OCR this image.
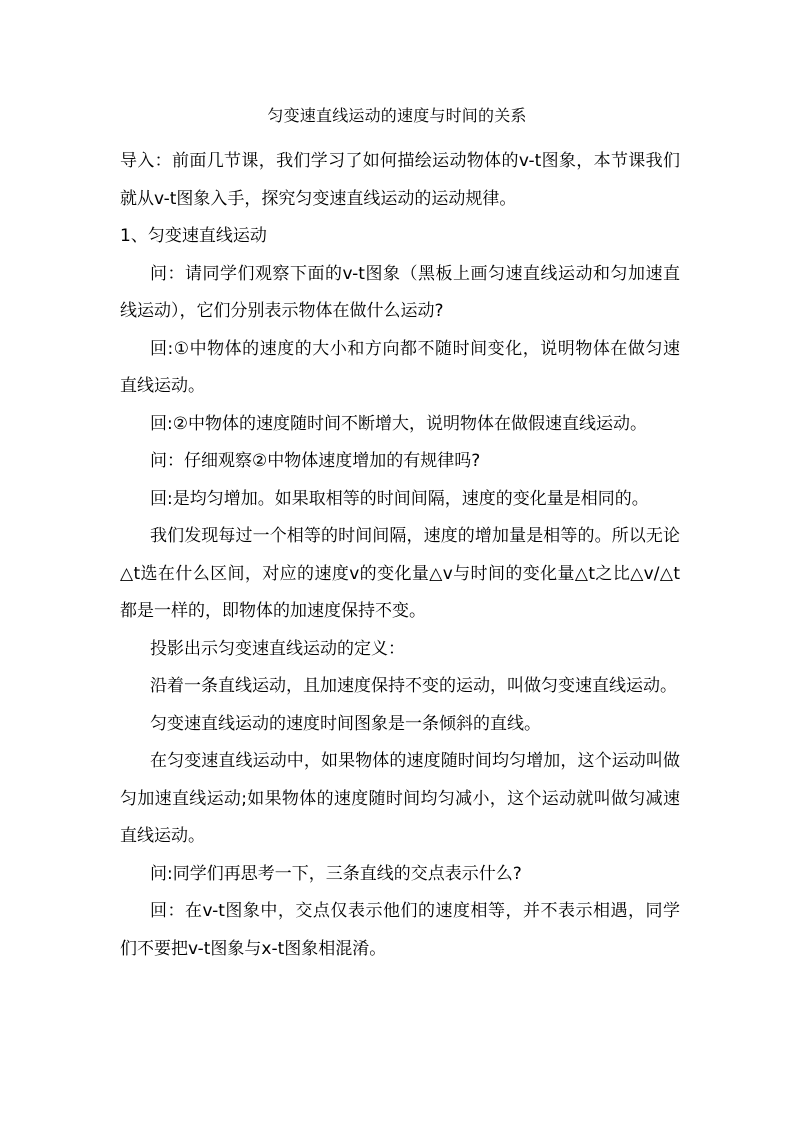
匀变速直线运动的速度与时间的关系

导入：前面几节课，我们学习了如何描绘运动物体的v-t图象，本节课我们就从v-t图象入手，探究匀变速直线运动的运动规律。

1、匀变速直线运动

问：请同学们观察下面的v-t图象（黑板上画匀速直线运动和匀加速直线运动），它们分别表示物体在做什么运动?

回:①中物体的速度的大小和方向都不随时间变化，说明物体在做匀速直线运动。

回:②中物体的速度随时间不断增大，说明物体在做假速直线运动。

问：仔细观察②中物体速度增加的有规律吗?

回:是均匀增加。如果取相等的时间间隔，速度的变化量是相同的。

我们发现每过一个相等的时间间隔，速度的增加量是相等的。所以无论△t选在什么区间，对应的速度v的变化量△v与时间的变化量△t之比△v/△t都是一样的，即物体的加速度保持不变。

投影出示匀变速直线运动的定义：

沿着一条直线运动，且加速度保持不变的运动，叫做匀变速直线运动。

匀变速直线运动的速度时间图象是一条倾斜的直线。

在匀变速直线运动中，如果物体的速度随时间均匀增加，这个运动叫做匀加速直线运动;如果物体的速度随时间均匀减小，这个运动就叫做匀减速直线运动。

问:同学们再思考一下，三条直线的交点表示什么?

回：在v-t图象中，交点仅表示他们的速度相等，并不表示相遇，同学们不要把v-t图象与x-t图象相混淆。
